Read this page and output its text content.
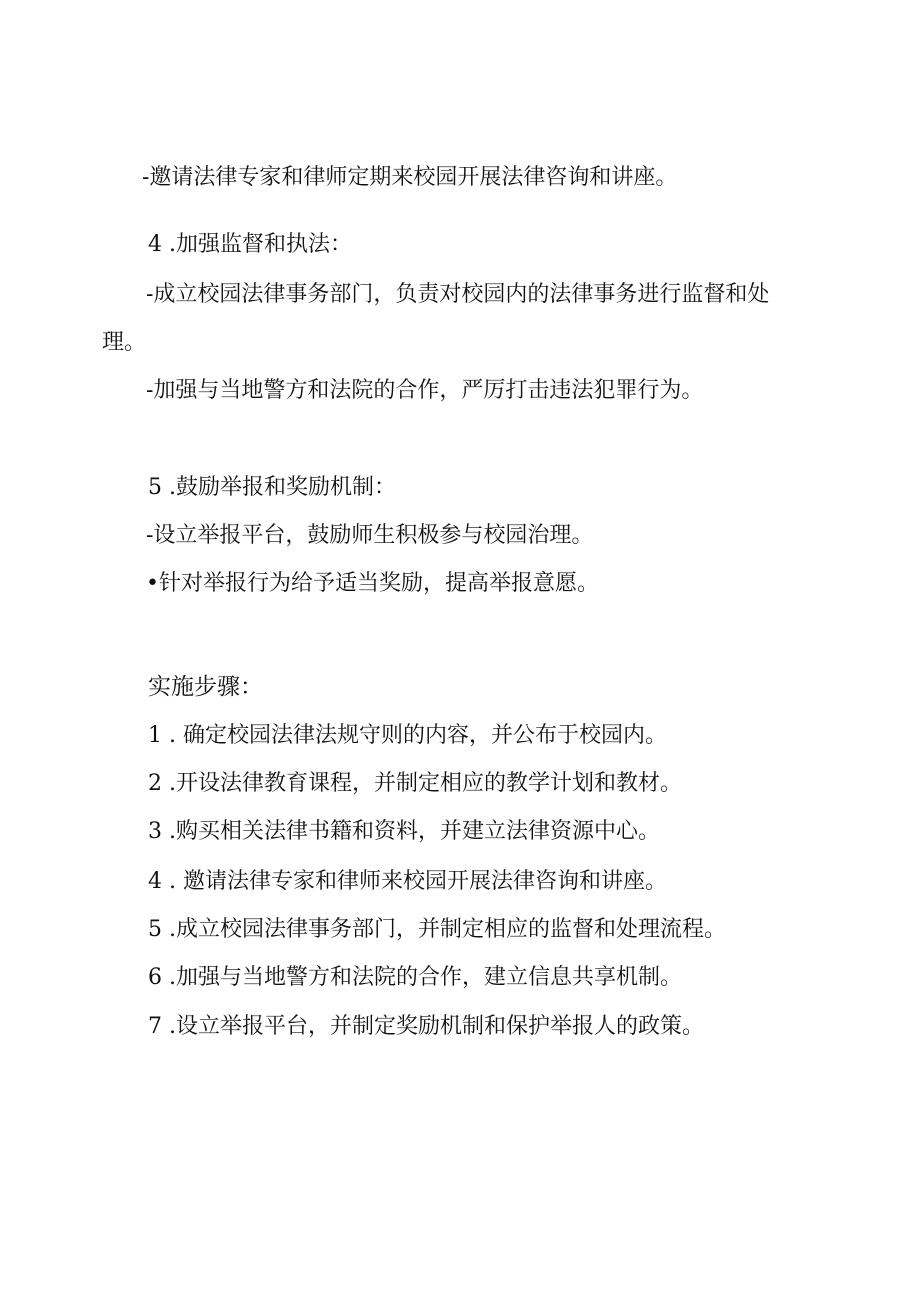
-邀请法律专家和律师定期来校园开展法律咨询和讲座。
4 .加强监督和执法：
-成立校园法律事务部门，负责对校园内的法律事务进行监督和处
理。
-加强与当地警方和法院的合作，严厉打击违法犯罪行为。
5 .鼓励举报和奖励机制：
-设立举报平台，鼓励师生积极参与校园治理。
•针对举报行为给予适当奖励，提高举报意愿。
实施步骤：
1 . 确定校园法律法规守则的内容，并公布于校园内。
2 .开设法律教育课程，并制定相应的教学计划和教材。
3 .购买相关法律书籍和资料，并建立法律资源中心。
4 . 邀请法律专家和律师来校园开展法律咨询和讲座。
5 .成立校园法律事务部门，并制定相应的监督和处理流程。
6 .加强与当地警方和法院的合作，建立信息共享机制。
7 .设立举报平台，并制定奖励机制和保护举报人的政策。
